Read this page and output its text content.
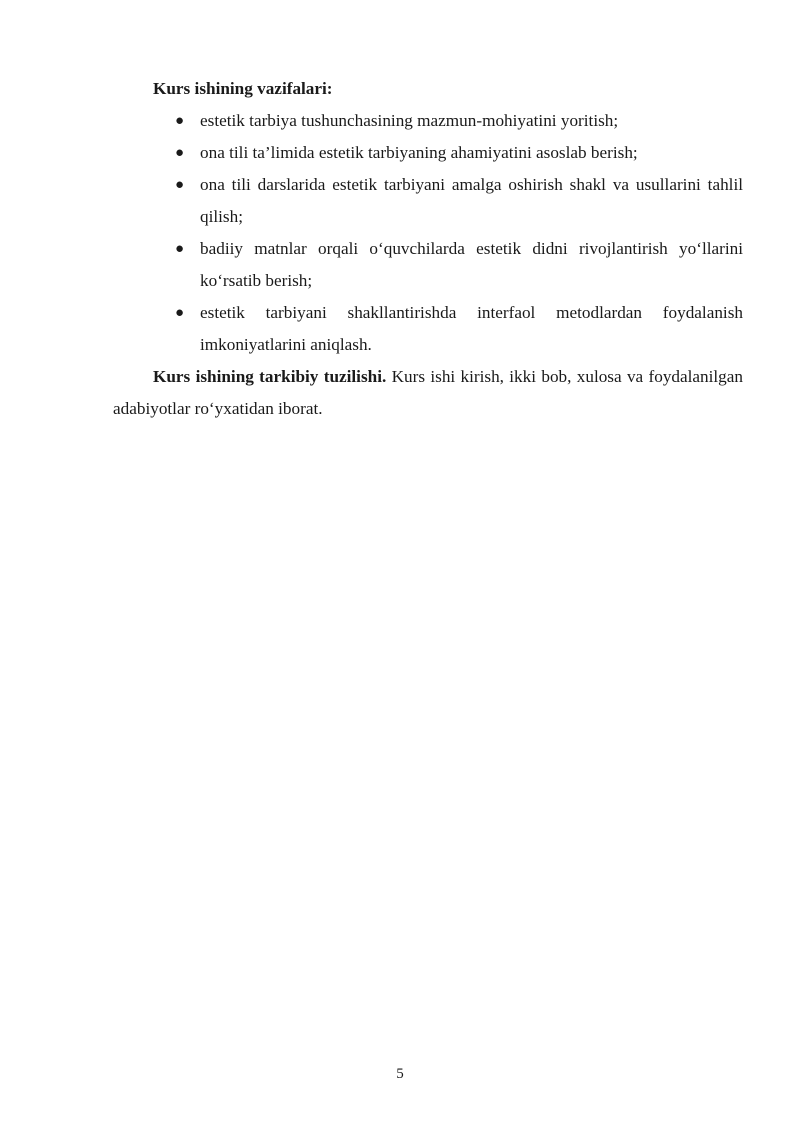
Kurs ishining vazifalari:

● estetik tarbiya tushunchasining mazmun-mohiyatini yoritish;
● ona tili ta’limida estetik tarbiyaning ahamiyatini asoslab berish;
● ona tili darslarida estetik tarbiyani amalga oshirish shakl va usullarini tahlil qilish;
● badiiy matnlar orqali o‘quvchilarda estetik didni rivojlantirish yo‘llarini ko‘rsatib berish;
● estetik tarbiyani shakllantirishda interfaol metodlardan foydalanish imkoniyatlarini aniqlash.

Kurs ishining tarkibiy tuzilishi. Kurs ishi kirish, ikki bob, xulosa va foydalanilgan adabiyotlar ro‘yxatidan iborat.

5
